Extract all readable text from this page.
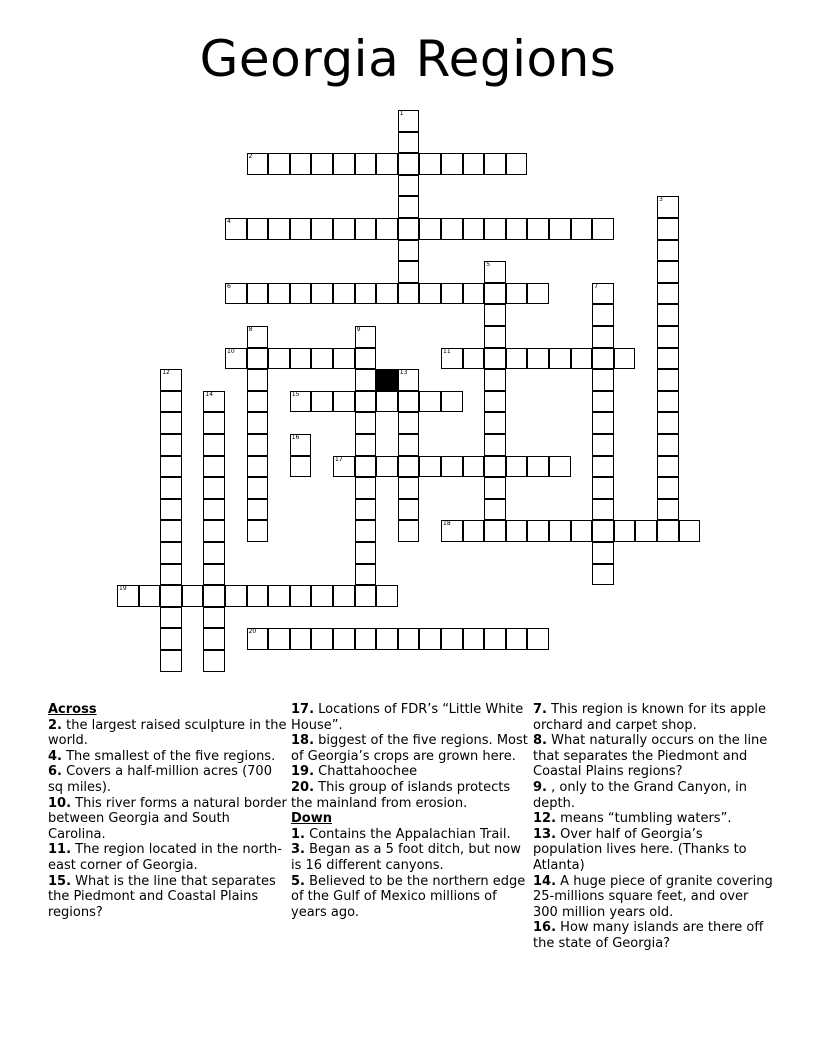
Georgia Regions
1
2
3
4
5
6	7
8	9
10	11
12	13
14	15
16
17
18
19
20

Across

2. the largest raised sculpture in the world.

4. The smallest of the five regions.

6. Covers a half-million acres (700 sq miles).

10. This river forms a natural border between Georgia and South Carolina.

11. The region located in the north-east corner of Georgia.

15. What is the line that separates the Piedmont and Coastal Plains regions?

17. Locations of FDR’s “Little White House”.

18. biggest of the five regions. Most of Georgia’s crops are grown here.

19. Chattahoochee

20. This group of islands protects the mainland from erosion.

Down

1. Contains the Appalachian Trail.

3. Began as a 5 foot ditch, but now is 16 different canyons.

5. Believed to be the northern edge of the Gulf of Mexico millions of years ago.

7. This region is known for its apple orchard and carpet shop.

8. What naturally occurs on the line that separates the Piedmont and Coastal Plains regions?

9. , only to the Grand Canyon, in depth.

12. means “tumbling waters”.

13. Over half of Georgia’s population lives here. (Thanks to Atlanta)

14. A huge piece of granite covering 25-millions square feet, and over 300 million years old.

16. How many islands are there off the state of Georgia?
